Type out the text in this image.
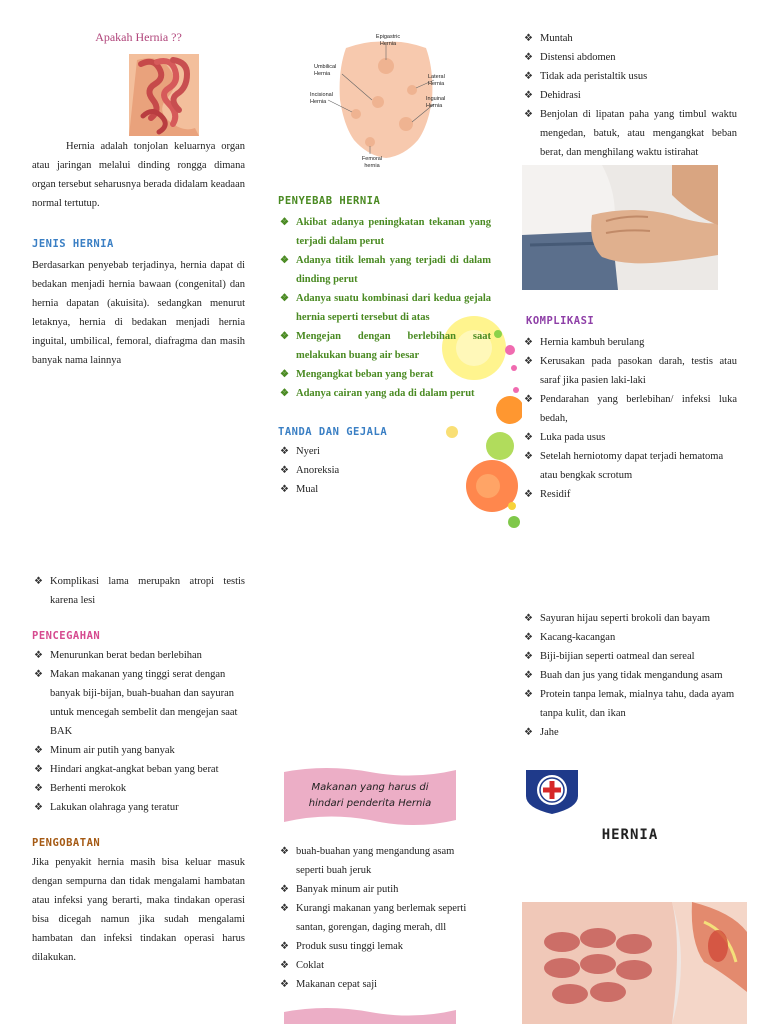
Apakah Hernia ??

Hernia adalah tonjolan keluarnya organ atau jaringan melalui dinding rongga dimana organ tersebut seharusnya berada didalam keadaan normal tertutup.

JENIS HERNIA

Berdasarkan penyebab terjadinya, hernia dapat di bedakan menjadi hernia bawaan (congenital) dan hernia dapatan (akuisita). sedangkan menurut letaknya, hernia di bedakan menjadi hernia inguital, umbilical, femoral, diafragma dan masih banyak nama lainnya

Epigastric Hernia
Umbilical Hernia	Lateral Hernia
Incisional Hernia	Inguinal Hernia
Femoral hernia

PENYEBAB HERNIA

❖ Akibat adanya peningkatan tekanan yang terjadi dalam perut
❖ Adanya titik lemah yang terjadi di dalam dinding perut
❖ Adanya suatu kombinasi dari kedua gejala hernia seperti tersebut di atas
❖ Mengejan dengan berlebihan saat melakukan buang air besar
❖ Mengangkat beban yang berat
❖ Adanya cairan yang ada di dalam perut

TANDA DAN GEJALA

❖ Nyeri
❖ Anoreksia
❖ Mual
❖ Muntah
❖ Distensi abdomen
❖ Tidak ada peristaltik usus
❖ Dehidrasi
❖ Benjolan di lipatan paha yang timbul waktu mengedan, batuk, atau mengangkat beban berat, dan menghilang waktu istirahat

KOMPLIKASI

❖ Hernia kambuh berulang
❖ Kerusakan pada pasokan darah, testis atau saraf jika pasien laki-laki
❖ Pendarahan yang berlebihan/ infeksi luka bedah,
❖ Luka pada usus
❖ Setelah herniotomy dapat terjadi hematoma atau bengkak scrotum
❖ Residif
❖ Komplikasi lama merupakn atropi testis karena lesi

PENCEGAHAN

❖ Menurunkan berat bedan berlebihan
❖ Makan makanan yang tinggi serat dengan banyak biji-bijan, buah-buahan dan sayuran untuk mencegah sembelit dan mengejan saat BAK
❖ Minum air putih yang banyak
❖ Hindari angkat-angkat beban yang berat
❖ Berhenti merokok
❖ Lakukan olahraga yang teratur

PENGOBATAN

Jika penyakit hernia masih bisa keluar masuk dengan sempurna dan tidak mengalami hambatan atau infeksi yang berarti, maka tindakan operasi bisa dicegah namun jika sudah mengalami hambatan dan infeksi tindakan operasi harus dilakukan.

Makanan yang harus di
hindari penderita Hernia
❖ buah-buahan yang mengandung asam seperti buah jeruk
❖ Banyak minum air putih
❖ Kurangi makanan yang berlemak seperti santan, gorengan, daging merah, dll
❖ Produk susu tinggi lemak
❖ Coklat
❖ Makanan cepat saji
❖ Sayuran hijau seperti brokoli dan bayam
❖ Kacang-kacangan
❖ Biji-bijian seperti oatmeal dan sereal
❖ Buah dan jus yang tidak mengandung asam
❖ Protein tanpa lemak, mialnya tahu, dada ayam tanpa kulit, dan ikan
❖ Jahe
HERNIA
